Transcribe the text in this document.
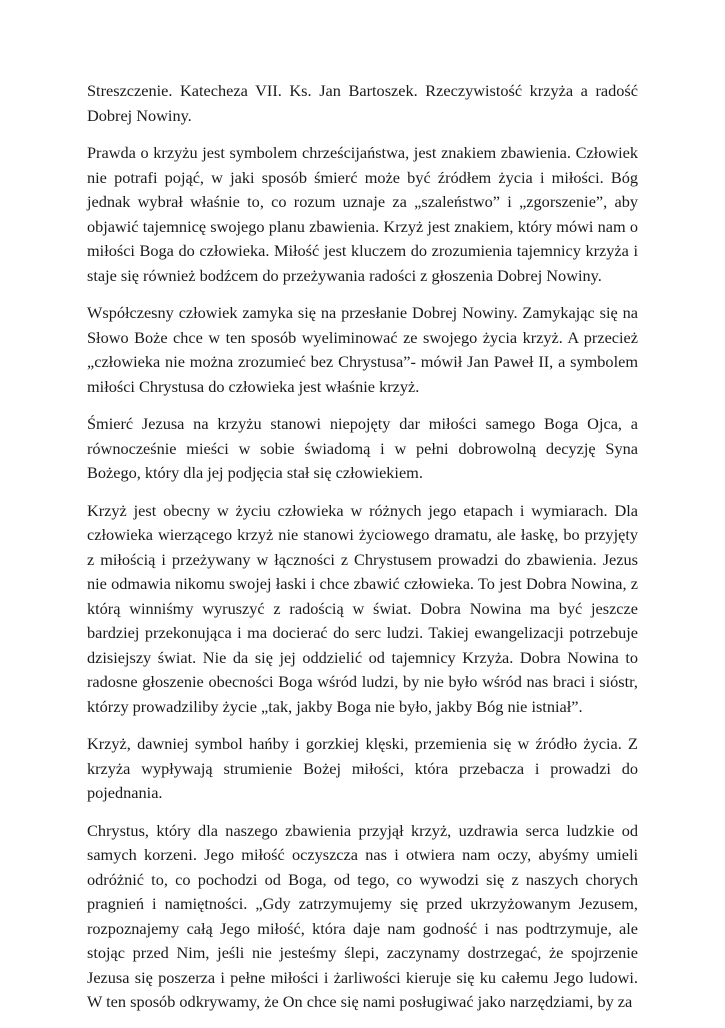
Streszczenie. Katecheza VII. Ks. Jan Bartoszek. Rzeczywistość krzyża a radość Dobrej Nowiny.

Prawda o krzyżu jest symbolem chrześcijaństwa, jest znakiem zbawienia. Człowiek nie potrafi pojąć, w jaki sposób śmierć może być źródłem życia i miłości. Bóg jednak wybrał właśnie to, co rozum uznaje za „szaleństwo” i „zgorszenie”, aby objawić tajemnicę swojego planu zbawienia. Krzyż jest znakiem, który mówi nam o miłości Boga do człowieka. Miłość jest kluczem do zrozumienia tajemnicy krzyża i staje się również bodźcem do przeżywania radości z głoszenia Dobrej Nowiny.

Współczesny człowiek zamyka się na przesłanie Dobrej Nowiny. Zamykając się na Słowo Boże chce w ten sposób wyeliminować ze swojego życia krzyż. A przecież „człowieka nie można zrozumieć bez Chrystusa”- mówił Jan Paweł II, a symbolem miłości Chrystusa do człowieka jest właśnie krzyż.

Śmierć Jezusa na krzyżu stanowi niepojęty dar miłości samego Boga Ojca, a równocześnie mieści w sobie świadomą i w pełni dobrowolną decyzję Syna Bożego, który dla jej podjęcia stał się człowiekiem.

Krzyż jest obecny w życiu człowieka w różnych jego etapach i wymiarach. Dla człowieka wierzącego krzyż nie stanowi życiowego dramatu, ale łaskę, bo przyjęty z miłością i przeżywany w łączności z Chrystusem prowadzi do zbawienia. Jezus nie odmawia nikomu swojej łaski i chce zbawić człowieka. To jest Dobra Nowina, z którą winniśmy wyruszyć z radością w świat. Dobra Nowina ma być jeszcze bardziej przekonująca i ma docierać do serc ludzi. Takiej ewangelizacji potrzebuje dzisiejszy świat. Nie da się jej oddzielić od tajemnicy Krzyża. Dobra Nowina to radosne głoszenie obecności Boga wśród ludzi, by nie było wśród nas braci i sióstr, którzy prowadziliby życie „tak, jakby Boga nie było, jakby Bóg nie istniał”.

Krzyż, dawniej symbol hańby i gorzkiej klęski, przemienia się w źródło życia. Z krzyża wypływają strumienie Bożej miłości, która przebacza i prowadzi do pojednania.

Chrystus, który dla naszego zbawienia przyjął krzyż, uzdrawia serca ludzkie od samych korzeni. Jego miłość oczyszcza nas i otwiera nam oczy, abyśmy umieli odróżnić to, co pochodzi od Boga, od tego, co wywodzi się z naszych chorych pragnień i namiętności. „Gdy zatrzymujemy się przed ukrzyżowanym Jezusem, rozpoznajemy całą Jego miłość, która daje nam godność i nas podtrzymuje, ale stojąc przed Nim, jeśli nie jesteśmy ślepi, zaczynamy dostrzegać, że spojrzenie Jezusa się poszerza i pełne miłości i żarliwości kieruje się ku całemu Jego ludowi. W ten sposób odkrywamy, że On chce się nami posługiwać jako narzędziami, by za
